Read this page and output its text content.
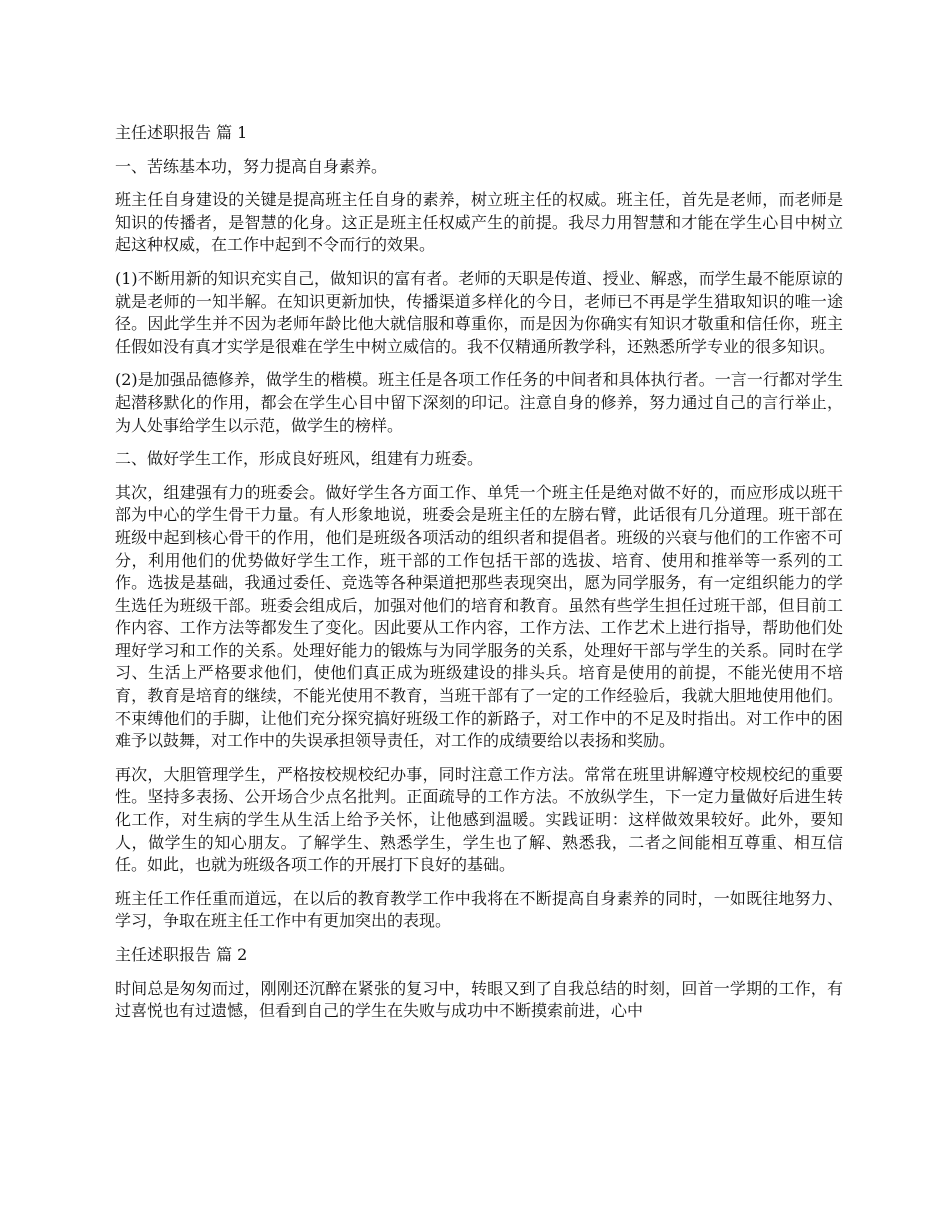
主任述职报告 篇 1
一、苦练基本功，努力提高自身素养。
班主任自身建设的关键是提高班主任自身的素养，树立班主任的权威。班主任，首先是老师，而老师是知识的传播者，是智慧的化身。这正是班主任权威产生的前提。我尽力用智慧和才能在学生心目中树立起这种权威，在工作中起到不令而行的效果。
(1)不断用新的知识充实自己，做知识的富有者。老师的天职是传道、授业、解惑，而学生最不能原谅的就是老师的一知半解。在知识更新加快，传播渠道多样化的今日，老师已不再是学生猎取知识的唯一途径。因此学生并不因为老师年龄比他大就信服和尊重你，而是因为你确实有知识才敬重和信任你，班主任假如没有真才实学是很难在学生中树立威信的。我不仅精通所教学科，还熟悉所学专业的很多知识。
(2)是加强品德修养，做学生的楷模。班主任是各项工作任务的中间者和具体执行者。一言一行都对学生起潜移默化的作用，都会在学生心目中留下深刻的印记。注意自身的修养，努力通过自己的言行举止，为人处事给学生以示范，做学生的榜样。
二、做好学生工作，形成良好班风，组建有力班委。
其次，组建强有力的班委会。做好学生各方面工作、单凭一个班主任是绝对做不好的，而应形成以班干部为中心的学生骨干力量。有人形象地说，班委会是班主任的左膀右臂，此话很有几分道理。班干部在班级中起到核心骨干的作用，他们是班级各项活动的组织者和提倡者。班级的兴衰与他们的工作密不可分，利用他们的优势做好学生工作，班干部的工作包括干部的选拔、培育、使用和推举等一系列的工作。选拔是基础，我通过委任、竞选等各种渠道把那些表现突出，愿为同学服务，有一定组织能力的学生选任为班级干部。班委会组成后，加强对他们的培育和教育。虽然有些学生担任过班干部，但目前工作内容、工作方法等都发生了变化。因此要从工作内容，工作方法、工作艺术上进行指导，帮助他们处理好学习和工作的关系。处理好能力的锻炼与为同学服务的关系，处理好干部与学生的关系。同时在学习、生活上严格要求他们，使他们真正成为班级建设的排头兵。培育是使用的前提，不能光使用不培育，教育是培育的继续，不能光使用不教育，当班干部有了一定的工作经验后，我就大胆地使用他们。不束缚他们的手脚，让他们充分探究搞好班级工作的新路子，对工作中的不足及时指出。对工作中的困难予以鼓舞，对工作中的失误承担领导责任，对工作的成绩要给以表扬和奖励。
再次，大胆管理学生，严格按校规校纪办事，同时注意工作方法。常常在班里讲解遵守校规校纪的重要性。坚持多表扬、公开场合少点名批判。正面疏导的工作方法。不放纵学生，下一定力量做好后进生转化工作，对生病的学生从生活上给予关怀，让他感到温暖。实践证明：这样做效果较好。此外，要知人，做学生的知心朋友。了解学生、熟悉学生，学生也了解、熟悉我，二者之间能相互尊重、相互信任。如此，也就为班级各项工作的开展打下良好的基础。
班主任工作任重而道远，在以后的教育教学工作中我将在不断提高自身素养的同时，一如既往地努力、学习，争取在班主任工作中有更加突出的表现。
主任述职报告 篇 2
时间总是匆匆而过，刚刚还沉醉在紧张的复习中，转眼又到了自我总结的时刻，回首一学期的工作，有过喜悦也有过遗憾，但看到自己的学生在失败与成功中不断摸索前进，心中
